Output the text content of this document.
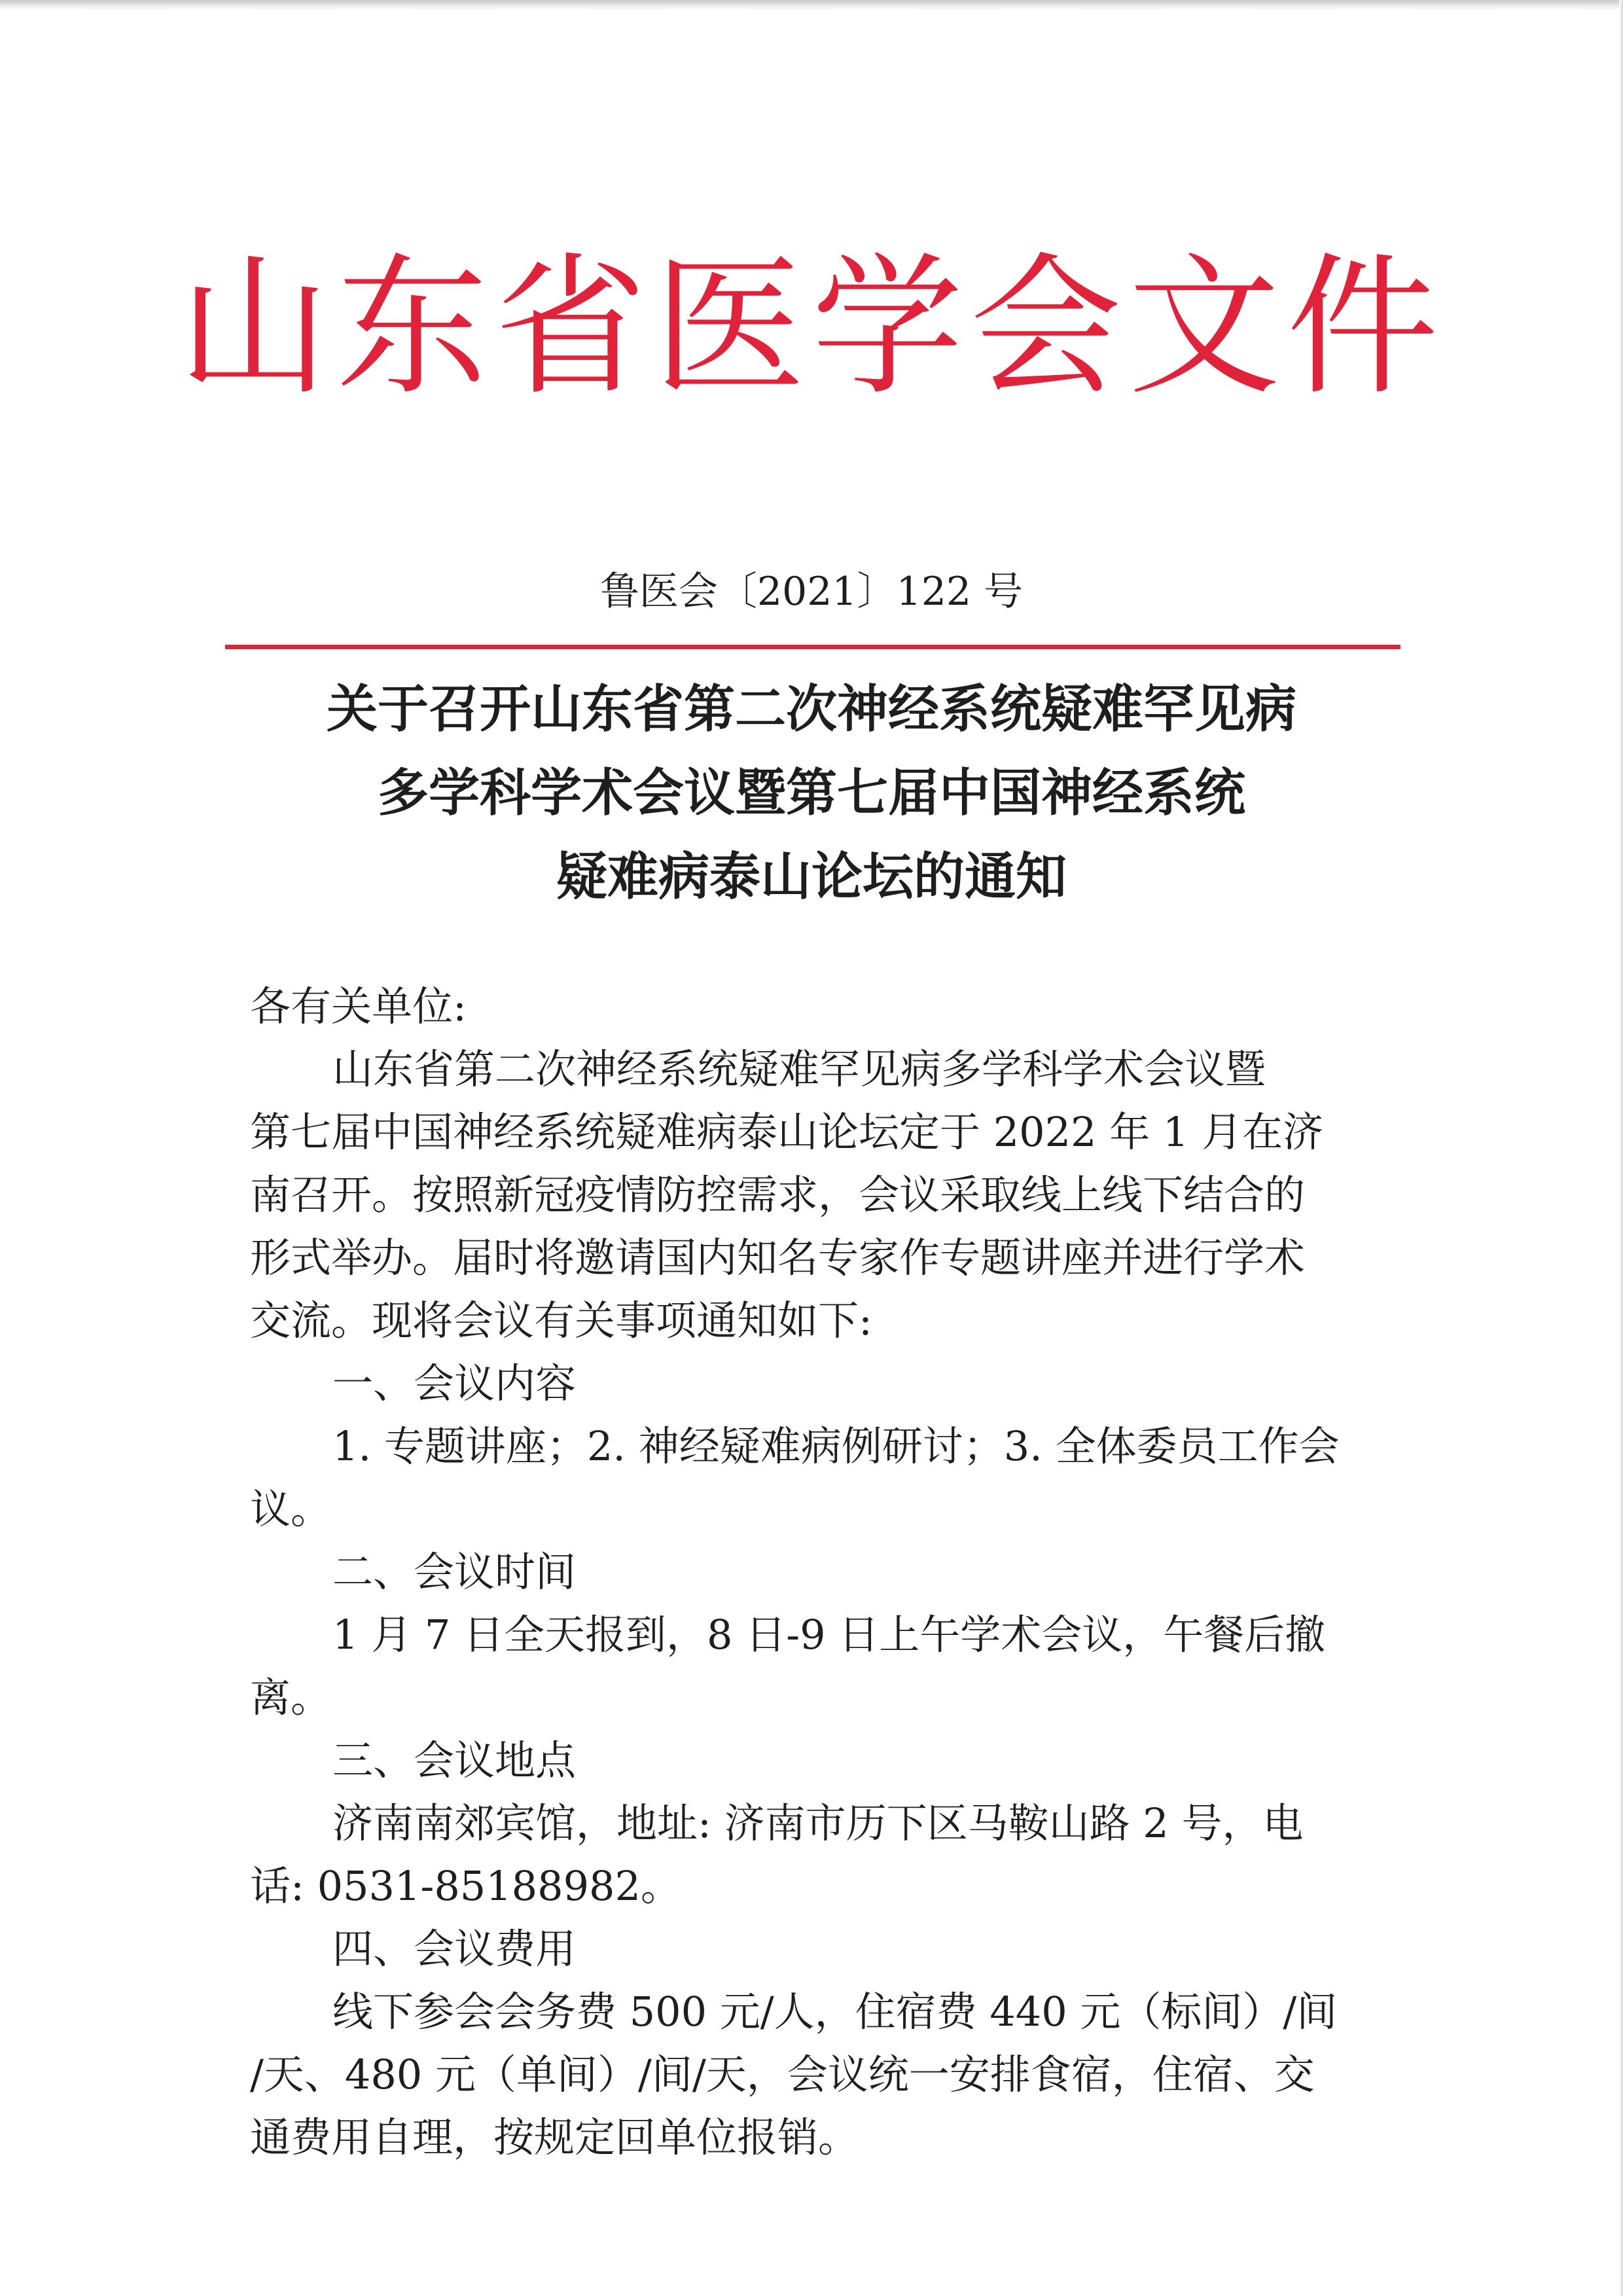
山东省医学会文件
鲁医会〔2021〕122 号
关于召开山东省第二次神经系统疑难罕见病
多学科学术会议暨第七届中国神经系统
疑难病泰山论坛的通知
各有关单位:
山东省第二次神经系统疑难罕见病多学科学术会议暨
第七届中国神经系统疑难病泰山论坛定于 2022 年 1 月在济
南召开。按照新冠疫情防控需求，会议采取线上线下结合的
形式举办。届时将邀请国内知名专家作专题讲座并进行学术
交流。现将会议有关事项通知如下:
一、会议内容
1. 专题讲座；2. 神经疑难病例研讨；3. 全体委员工作会
议。
二、会议时间
1 月 7 日全天报到，8 日-9 日上午学术会议，午餐后撤
离。
三、会议地点
济南南郊宾馆，地址: 济南市历下区马鞍山路 2 号，电
话: 0531-85188982。
四、会议费用
线下参会会务费 500 元/人，住宿费 440 元（标间）/间
/天、480 元（单间）/间/天，会议统一安排食宿，住宿、交
通费用自理，按规定回单位报销。
